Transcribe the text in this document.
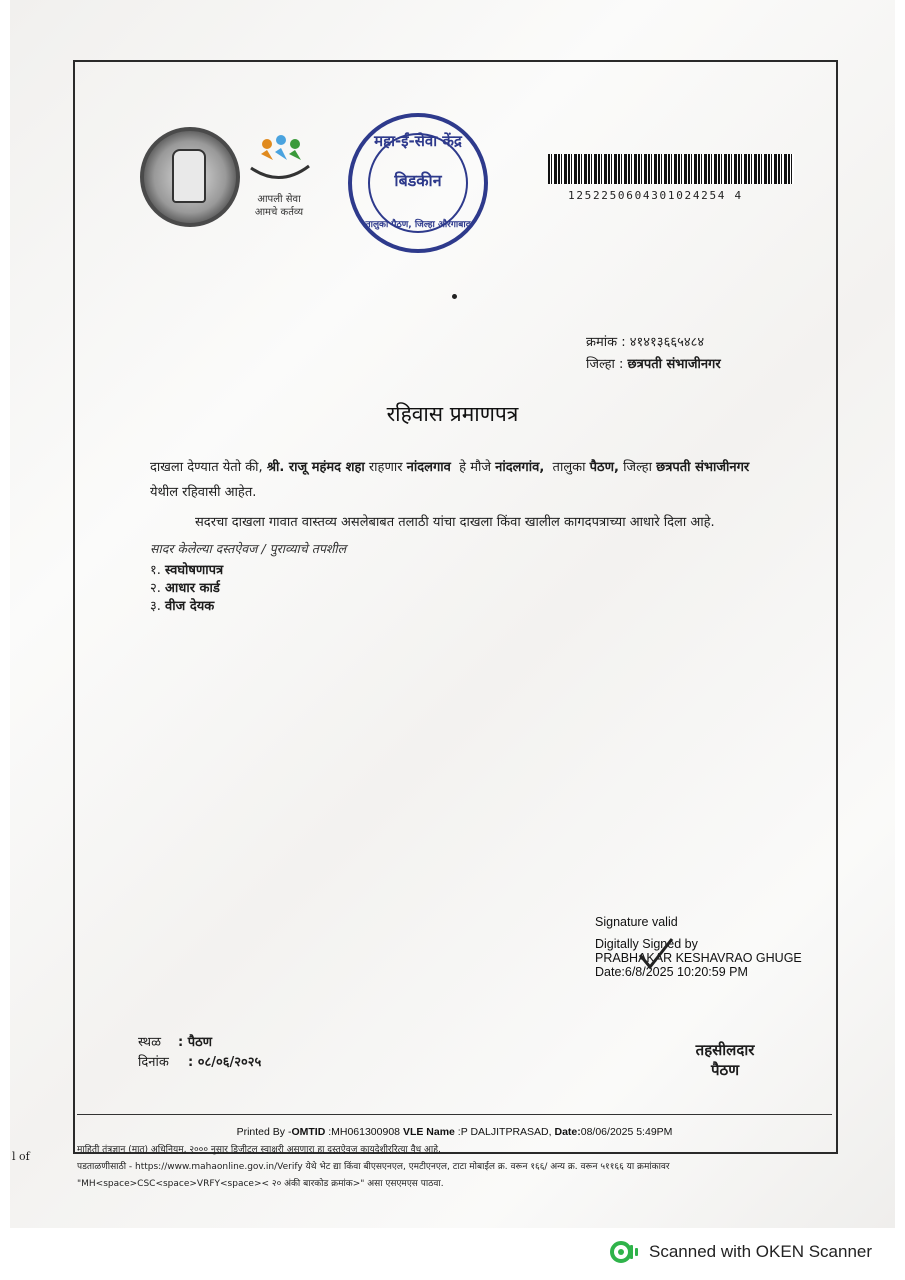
आपली सेवा
आमचे कर्तव्य
महा-ई-सेवा केंद्र
बिडकीन
तालुका पैठण, जिल्हा औरंगाबाद
1252250604301024254 4
क्रमांक : ४१४१३६६५४८४
जिल्हा : छत्रपती संभाजीनगर
रहिवास प्रमाणपत्र
दाखला देण्यात येतो की, श्री. राजू महंमद शहा राहणार नांदलगाव हे मौजे नांदलगांव, तालुका पैठण, जिल्हा छत्रपती संभाजीनगर येथील रहिवासी आहेत.
सदरचा दाखला गावात वास्तव्य असलेबाबत तलाठी यांचा दाखला किंवा खालील कागदपत्राच्या आधारे दिला आहे.
सादर केलेल्या दस्तऐवज / पुराव्याचे तपशील
१. स्वघोषणापत्र
२. आधार कार्ड
३. वीज देयक
Signature valid
Digitally Signed by
PRABHAKAR KESHAVRAO GHUGE
Date:6/8/2025 10:20:59 PM
स्थळ : पैठण
दिनांक : ०८/०६/२०२५
तहसीलदार
पैठण
Printed By -OMTID :MH061300908 VLE Name :P DALJITPRASAD, Date:08/06/2025 5:49PM
माहिती तंत्रज्ञान (मात) अधिनियम, २००० नुसार डिजीटल स्वाक्षरी असणारा हा दस्तऐवज कायदेशीररित्या वैध आहे.
पडताळणीसाठी - https://www.mahaonline.gov.in/Verify येथे भेट द्या किंवा बीएसएनएल, एमटीएनएल, टाटा मोबाईल क्र. वरून १६६/ अन्य क्र. वरून ५११६६ या क्रमांकावर
"MH<space>CSC<space>VRFY<space>< २० अंकी बारकोड क्रमांक>" असा एसएमएस पाठवा.
l of
Scanned with OKEN Scanner
